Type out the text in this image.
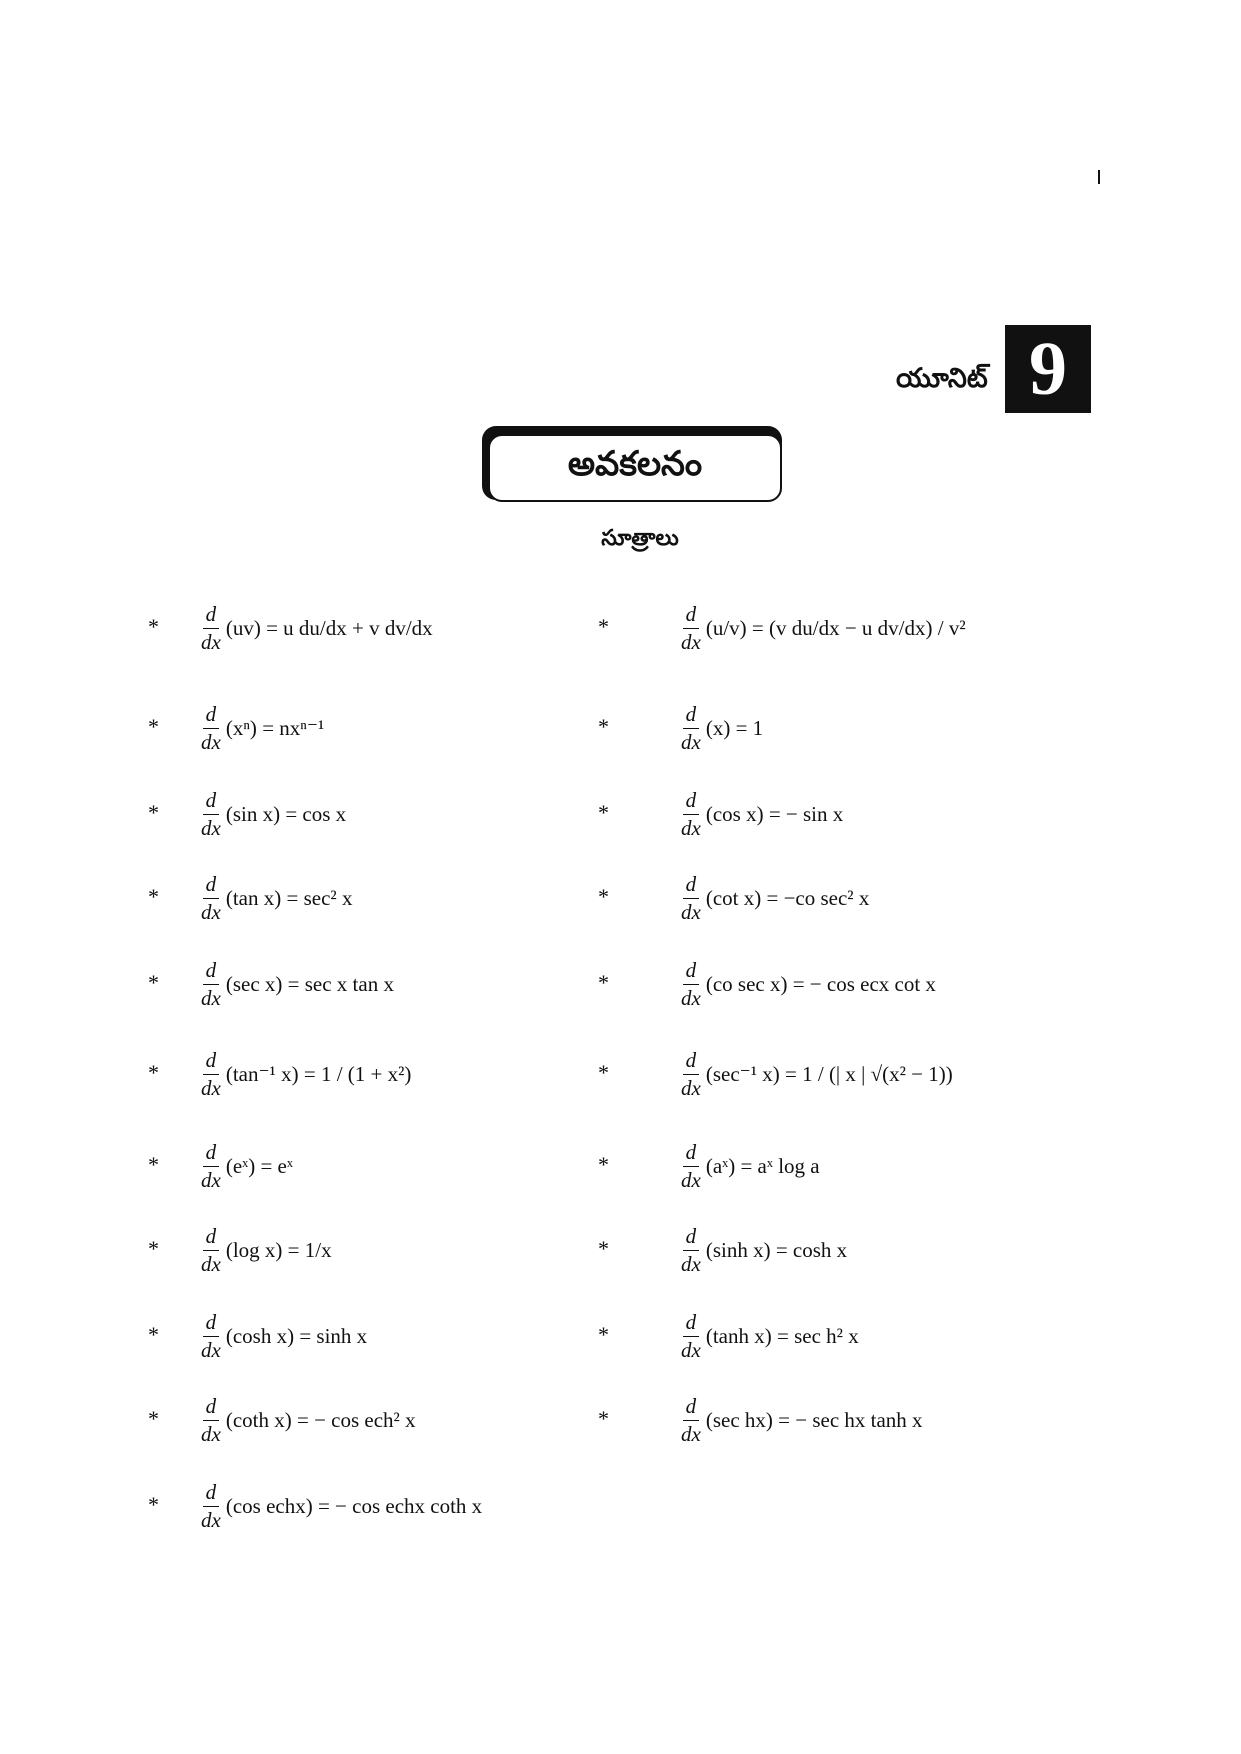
యూనిట్ 9
అవకలనం
సూత్రాలు
* $\frac{d}{dx} (uv)$
= u du/dx + v dv/dx
* $\frac{d}{dx} (x^n)$
= nxⁿ⁻¹
* $\frac{d}{dx} (\sin$ x)
= cos x
* $\frac{d}{dx} (\tan$ x)
= sec² x
* $\frac{d}{dx} (\sec$ x)
= sec x tan x
* $\frac{d}{dx} (\tan^{-1}$ x)
= 1 / (1 + x²)
* $\frac{d}{dx}$ (eˣ)
= eˣ
* $\frac{d}{dx} (\log$ x)
= 1/x
* $\frac{d}{dx} (\cosh$ x)
= sinh x
* $\frac{d}{dx} (\cot h$ x)
= − cos ech² x
* $\frac{d}{dx} (\cos$ echx)
= − cos echx coth x
*	$\frac{d}{dx} (u/v)$
= (v du/dx − u dv/dx) / v²
*	$\frac{d}{dx} (x)$
= 1
*	$\frac{d}{dx} (\cos$ x)
= − sin x
*	$\frac{d}{dx} (\cot$ x)
= −co sec² x
*	$\frac{d}{dx} (co$ sec x)
= − cos ecx cot x
*	$\frac{d}{dx} (\sec^{-1}$ x)
= 1 / (| x | √(x² − 1))
*	$\frac{d}{dx}$ (aˣ)
= aˣ log a
*	$\frac{d}{dx} (\sinh$ x)
= cosh x
*	$\frac{d}{dx} (\tanh$ x)
= sec h² x
*	$\frac{d}{dx} (\sec$ hx)
= − sec hx tanh x
